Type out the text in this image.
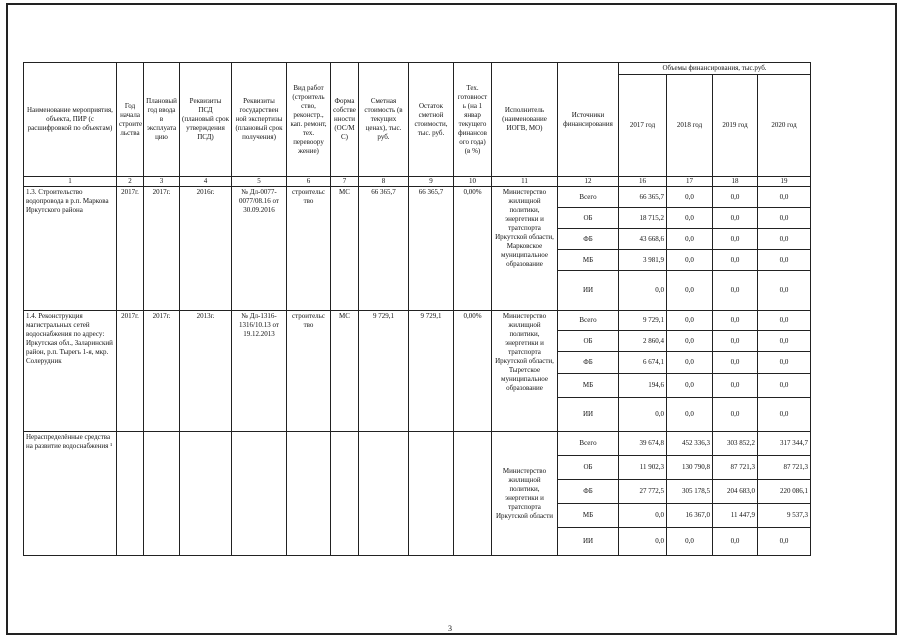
Наименование мероприятия, объекта, ПИР (с расшифровкой по объектам)	Год начала строите льства	Плановый год ввода в эксплуата цию	Реквизиты ПСД (плановый срок утверждения ПСД)	Реквизиты государствен ной экспертизы (плановый срок получения)	Вид работ (строитель ство, реконстр., кап. ремонт, тех. перевоору жение)	Форма собстве нности (ОС/М С)	Сметная стоимость (в текущих ценах), тыс. руб.	Остаток сметной стоимости, тыс. руб.	Тех. готовност ь (на 1 январ текущего финансов ого года) (в %)	Исполнитель (наименование ИОГВ, МО)	Источники финансирования	Объемы финансирования, тыс.руб.			
												2017 год	2018 год	2019 год	2020 год
1	2	3	4	5	6	7	8	9	10	11	12	16	17	18	19
1.3. Строительство водопровода в р.п. Маркова Иркутского района	2017г.	2017г.	2016г.	№ Дл-0077-0077/08.16 от 30.09.2016	строительс тво	МС	66 365,7	66 365,7	0,00%	Министерство жилищной политики, энергетики и тратспорта Иркутской области, Марковское муниципальное образование	Всего	66 365,7	0,0	0,0	0,0
											ОБ	18 715,2	0,0	0,0	0,0
											ФБ	43 668,6	0,0	0,0	0,0
											МБ	3 981,9	0,0	0,0	0,0
											ИИ	0,0	0,0	0,0	0,0
1.4. Реконструкция магистральных сетей водоснабжения по адресу: Иркутская обл., Заларинский район, р.п. Тырегь 1-я, мкр. Солерудник	2017г.	2017г.	2013г.	№ Дл-1316-1316/10.13 от 19.12.2013	строительс тво	МС	9 729,1	9 729,1	0,00%	Министерство жилищной политики, энергетики и тратспорта Иркутской области, Тыретское муниципальное образование	Всего	9 729,1	0,0	0,0	0,0
											ОБ	2 860,4	0,0	0,0	0,0
											ФБ	6 674,1	0,0	0,0	0,0
											МБ	194,6	0,0	0,0	0,0
											ИИ	0,0	0,0	0,0	0,0
Нераспределённые средства на развитие водоснабжения ¹										Министерство жилищной политики, энергетики и тратспорта Иркутской области	Всего	39 674,8	452 336,3	303 852,2	317 344,7
											ОБ	11 902,3	130 790,8	87 721,3	87 721,3
											ФБ	27 772,5	305 178,5	204 683,0	220 086,1
											МБ	0,0	16 367,0	11 447,9	9 537,3
											ИИ	0,0	0,0	0,0	0,0
3
